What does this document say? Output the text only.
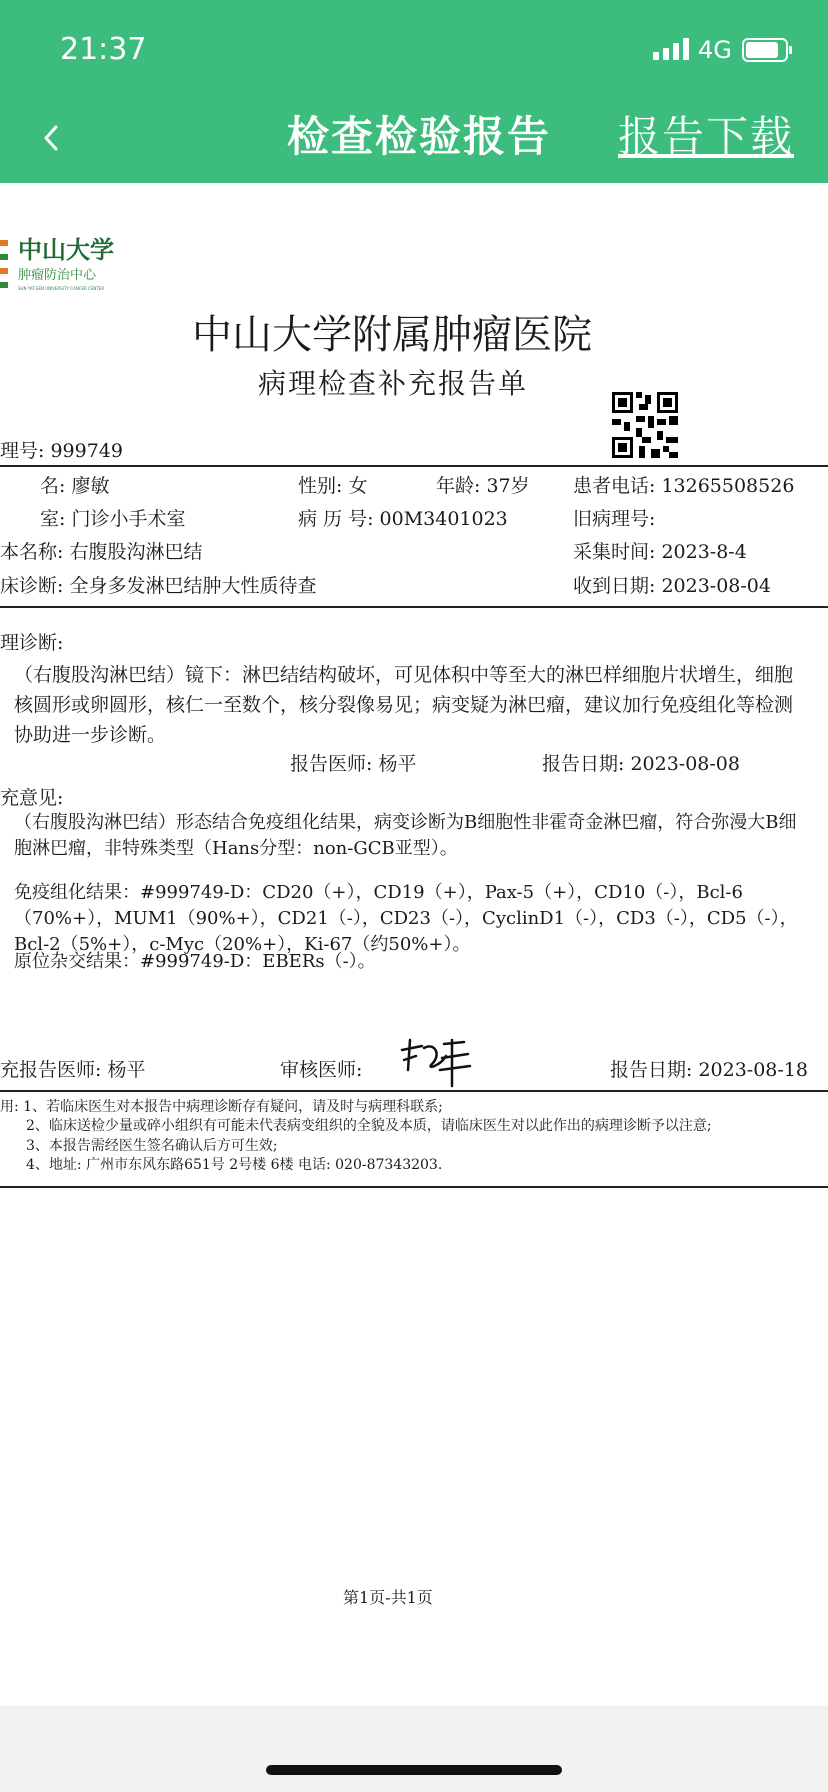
21:37	4G
检查检验报告 报告下载
中山大学
肿瘤防治中心
SUN YAT-SEN UNIVERSITY CANCER CENTER
中山大学附属肿瘤医院
病理检查补充报告单
理号: 999749
名: 廖敏	性别: 女	年龄: 37岁 患者电话: 13265508526
室: 门诊小手术室	病 历 号: 00M3401023	旧病理号:
本名称: 右腹股沟淋巴结	采集时间: 2023-8-4
床诊断: 全身多发淋巴结肿大性质待查	收到日期: 2023-08-04
理诊断:
（右腹股沟淋巴结）镜下：淋巴结结构破坏，可见体积中等至大的淋巴样细胞片状增生，细胞核圆形或卵圆形，核仁一至数个，核分裂像易见；病变疑为淋巴瘤，建议加行免疫组化等检测协助进一步诊断。
报告医师: 杨平	报告日期: 2023-08-08
充意见:
（右腹股沟淋巴结）形态结合免疫组化结果，病变诊断为B细胞性非霍奇金淋巴瘤，符合弥漫大B细胞淋巴瘤，非特殊类型（Hans分型：non-GCB亚型）。
免疫组化结果：#999749-D：CD20（+），CD19（+），Pax-5（+），CD10（-），Bcl-6（70%+），MUM1（90%+），CD21（-），CD23（-），CyclinD1（-），CD3（-），CD5（-），Bcl-2（5%+），c-Myc（20%+），Ki-67（约50%+）。
原位杂交结果：#999749-D：EBERs（-）。
充报告医师: 杨平	审核医师:	报告日期: 2023-08-18
用: 1、若临床医生对本报告中病理诊断存有疑问，请及时与病理科联系;
2、临床送检少量或碎小组织有可能未代表病变组织的全貌及本质，请临床医生对以此作出的病理诊断予以注意;
3、本报告需经医生签名确认后方可生效;
4、地址: 广州市东风东路651号 2号楼 6楼 电话: 020-87343203.
第1页-共1页
